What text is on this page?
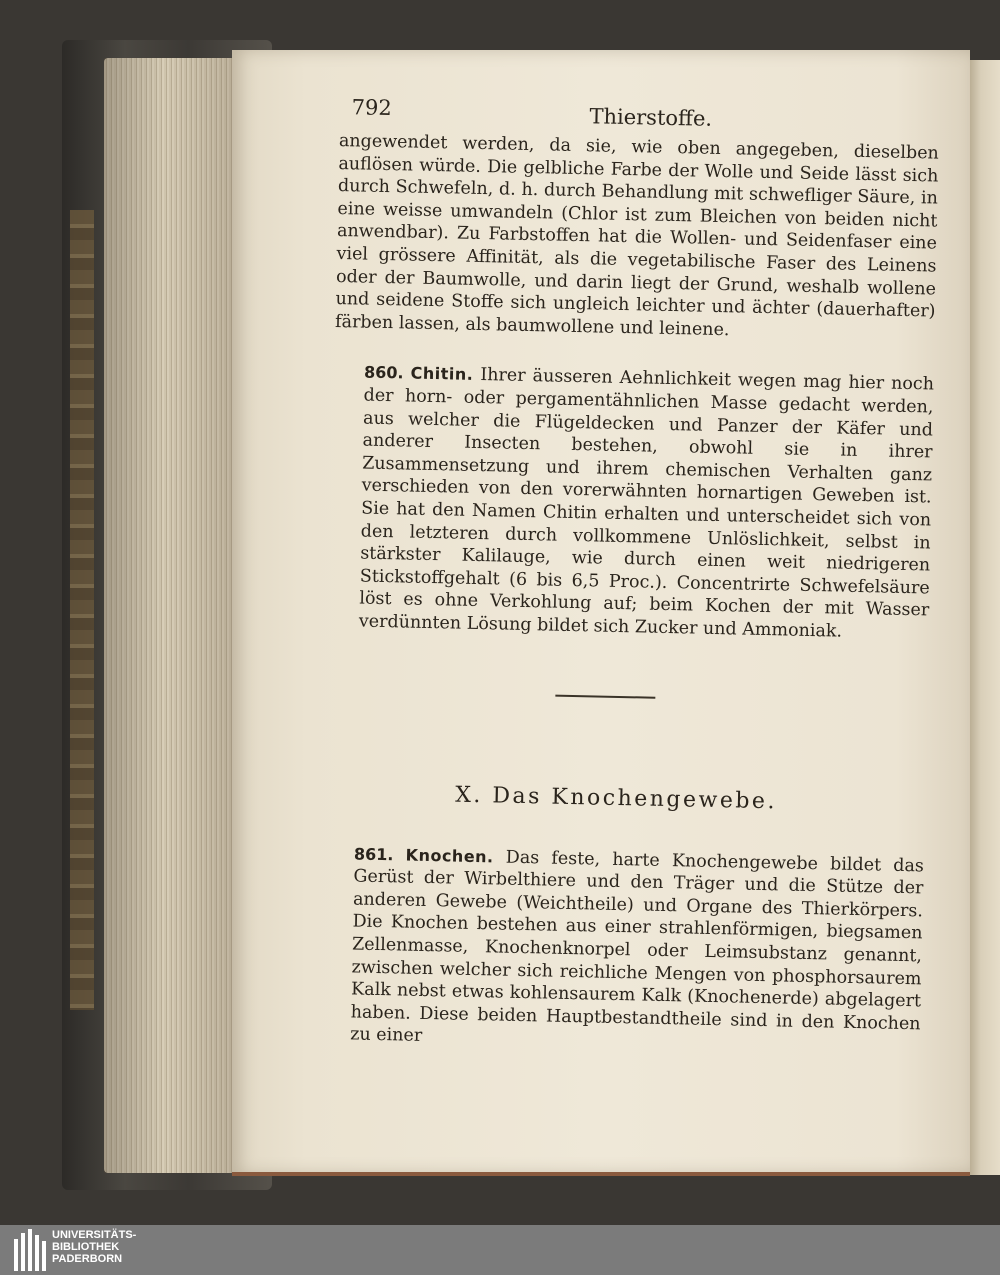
792	Thierstoffe.

angewendet werden, da sie, wie oben angegeben, dieselben auflösen würde. Die gelbliche Farbe der Wolle und Seide lässt sich durch Schwefeln, d. h. durch Behandlung mit schwefliger Säure, in eine weisse umwandeln (Chlor ist zum Bleichen von beiden nicht anwendbar). Zu Farbstoffen hat die Wollen- und Seidenfaser eine viel grössere Affinität, als die vegetabilische Faser des Leinens oder der Baumwolle, und darin liegt der Grund, weshalb wollene und seidene Stoffe sich ungleich leichter und ächter (dauerhafter) färben lassen, als baumwollene und leinene.

860. Chitin. Ihrer äusseren Aehnlichkeit wegen mag hier noch der horn- oder pergamentähnlichen Masse gedacht werden, aus welcher die Flügeldecken und Panzer der Käfer und anderer Insecten bestehen, obwohl sie in ihrer Zusammensetzung und ihrem chemischen Verhalten ganz verschieden von den vorerwähnten hornartigen Geweben ist. Sie hat den Namen Chitin erhalten und unterscheidet sich von den letzteren durch vollkommene Unlöslichkeit, selbst in stärkster Kalilauge, wie durch einen weit niedrigeren Stickstoffgehalt (6 bis 6,5 Proc.). Concentrirte Schwefelsäure löst es ohne Verkohlung auf; beim Kochen der mit Wasser verdünnten Lösung bildet sich Zucker und Ammoniak.

X. Das Knochengewebe.

861. Knochen. Das feste, harte Knochengewebe bildet das Gerüst der Wirbelthiere und den Träger und die Stütze der anderen Gewebe (Weichtheile) und Organe des Thierkörpers. Die Knochen bestehen aus einer strahlenförmigen, biegsamen Zellenmasse, Knochenknorpel oder Leimsubstanz genannt, zwischen welcher sich reichliche Mengen von phosphorsaurem Kalk nebst etwas kohlensaurem Kalk (Knochenerde) abgelagert haben. Diese beiden Hauptbestandtheile sind in den Knochen zu einer

UNIVERSITÄTS-
BIBLIOTHEK
PADERBORN
